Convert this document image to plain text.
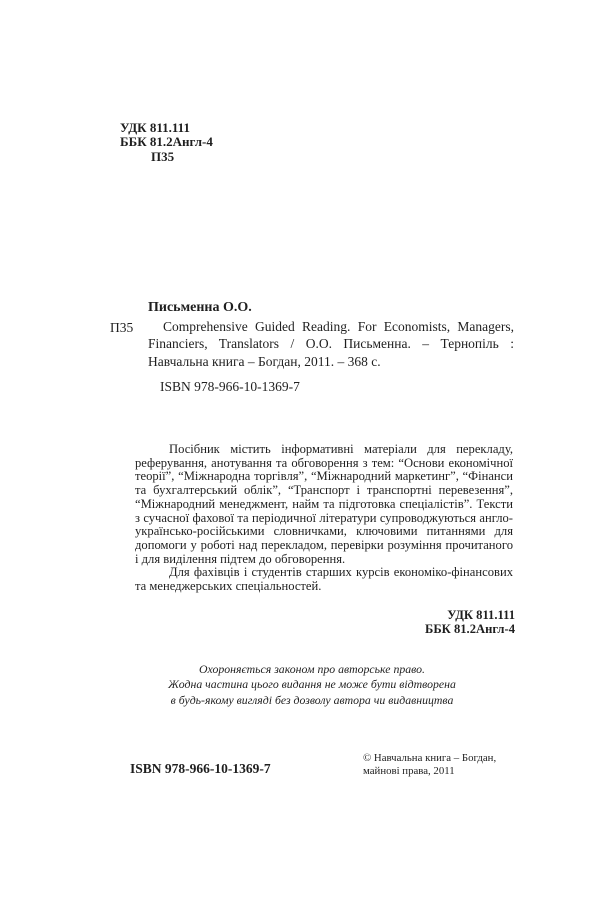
УДК 811.111
ББК 81.2Англ-4
П35
Письменна О.О.
П35	Comprehensive Guided Reading. For Economists, Managers, Financiers, Translators / О.О. Письменна. – Тернопіль : Навчальна книга – Богдан, 2011. – 368 с.

ISBN 978-966-10-1369-7

Посібник містить інформативні матеріали для перекладу, реферування, анотування та обговорення з тем: “Основи економічної теорії”, “Міжнародна торгівля”, “Міжнародний маркетинг”, “Фінанси та бухгалтерський облік”, “Транспорт і транспортні перевезення”, “Міжнародний менеджмент, найм та підготовка спеціалістів”. Тексти з сучасної фахової та періодичної літератури супроводжуються англо-українсько-російськими словничками, ключовими питаннями для допомоги у роботі над перекладом, перевірки розуміння прочитаного і для виділення підтем до обговорення.

Для фахівців і студентів старших курсів економіко-фінансових та менеджерських спеціальностей.

УДК 811.111
ББК 81.2Англ-4
Охороняється законом про авторське право.
Жодна частина цього видання не може бути відтворена
в будь-якому вигляді без дозволу автора чи видавництва
ISBN 978-966-10-1369-7
© Навчальна книга – Богдан,
майнові права, 2011
